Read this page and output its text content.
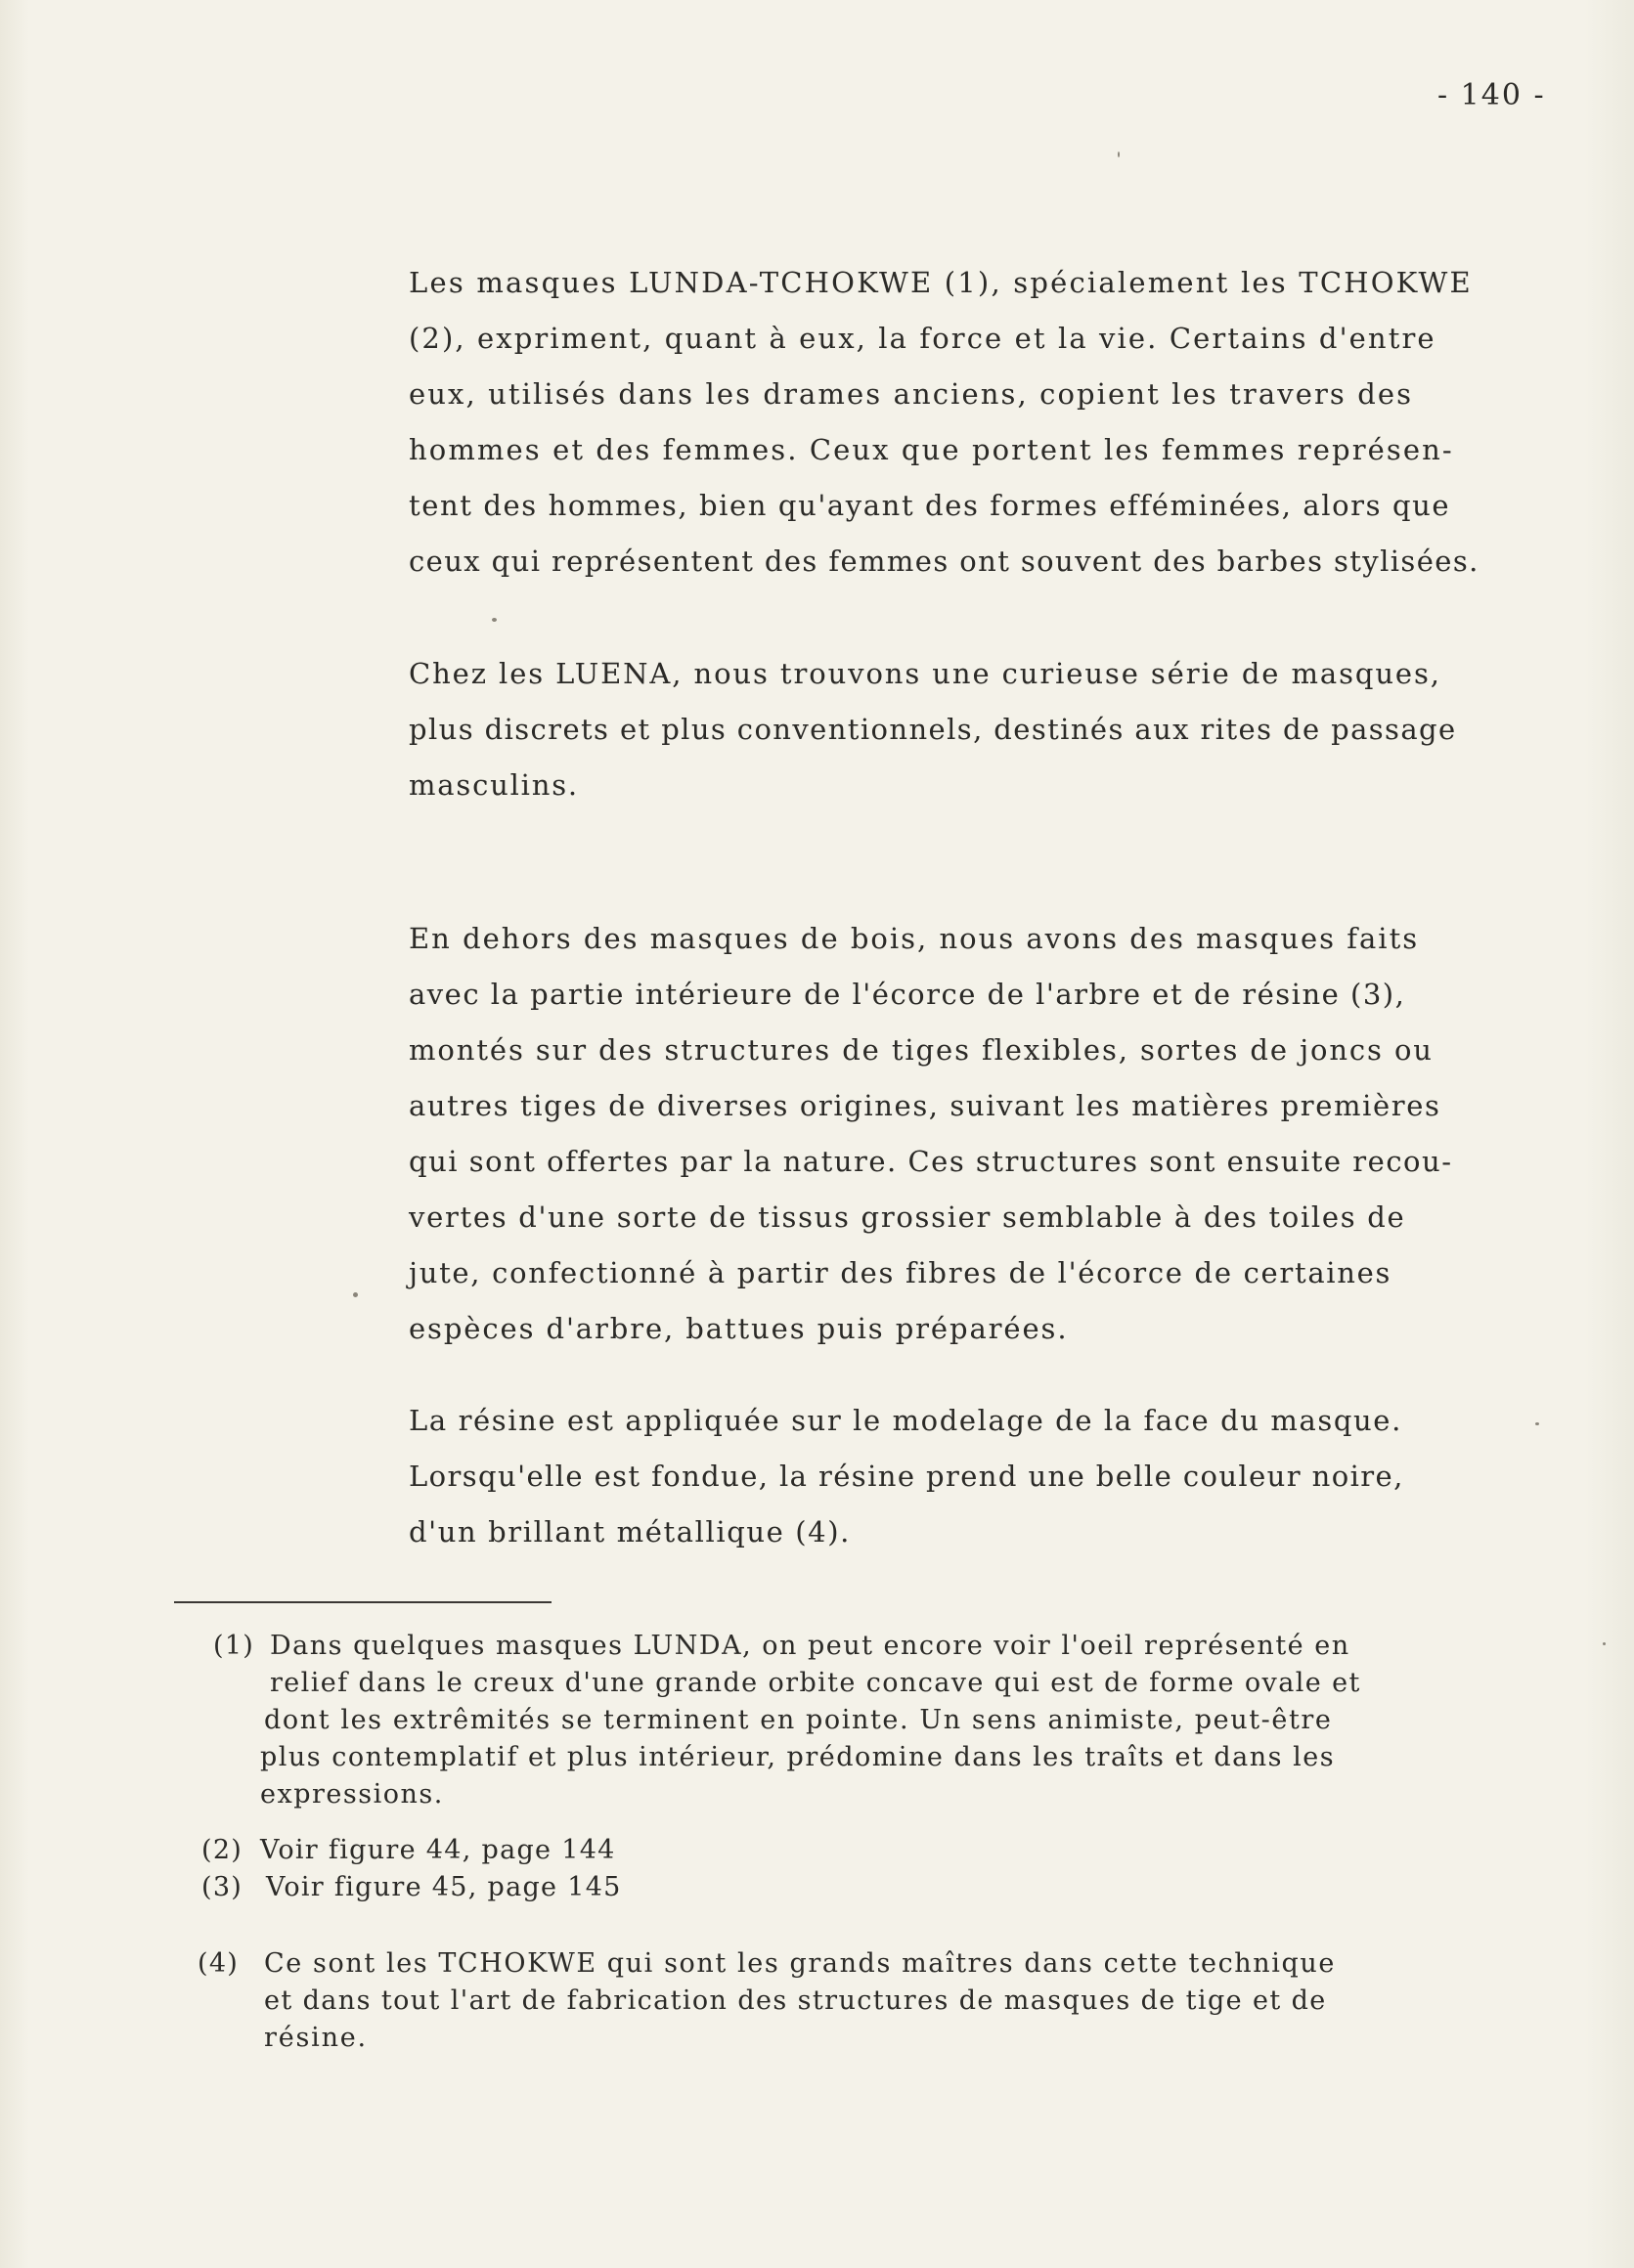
- 140 -
Les masques LUNDA-TCHOKWE (1), spécialement les TCHOKWE
(2), expriment, quant à eux, la force et la vie. Certains d'entre
eux, utilisés dans les drames anciens, copient les travers des
hommes et des femmes. Ceux que portent les femmes représen-
tent des hommes, bien qu'ayant des formes efféminées, alors que
ceux qui représentent des femmes ont souvent des barbes stylisées.
Chez les LUENA, nous trouvons une curieuse série de masques,
plus discrets et plus conventionnels, destinés aux rites de passage
masculins.
En dehors des masques de bois, nous avons des masques faits
avec la partie intérieure de l'écorce de l'arbre et de résine (3),
montés sur des structures de tiges flexibles, sortes de joncs ou
autres tiges de diverses origines, suivant les matières premières
qui sont offertes par la nature. Ces structures sont ensuite recou-
vertes d'une sorte de tissus grossier semblable à des toiles de
jute, confectionné à partir des fibres de l'écorce de certaines
espèces d'arbre, battues puis préparées.
La résine est appliquée sur le modelage de la face du masque.
Lorsqu'elle est fondue, la résine prend une belle couleur noire,
d'un brillant métallique (4).
(1) Dans quelques masques LUNDA, on peut encore voir l'oeil représenté en
relief dans le creux d'une grande orbite concave qui est de forme ovale et
dont les extrêmités se terminent en pointe. Un sens animiste, peut-être
plus contemplatif et plus intérieur, prédomine dans les traîts et dans les
expressions.
(2) Voir figure 44, page 144
(3) Voir figure 45, page 145
(4) Ce sont les TCHOKWE qui sont les grands maîtres dans cette technique
et dans tout l'art de fabrication des structures de masques de tige et de
résine.
